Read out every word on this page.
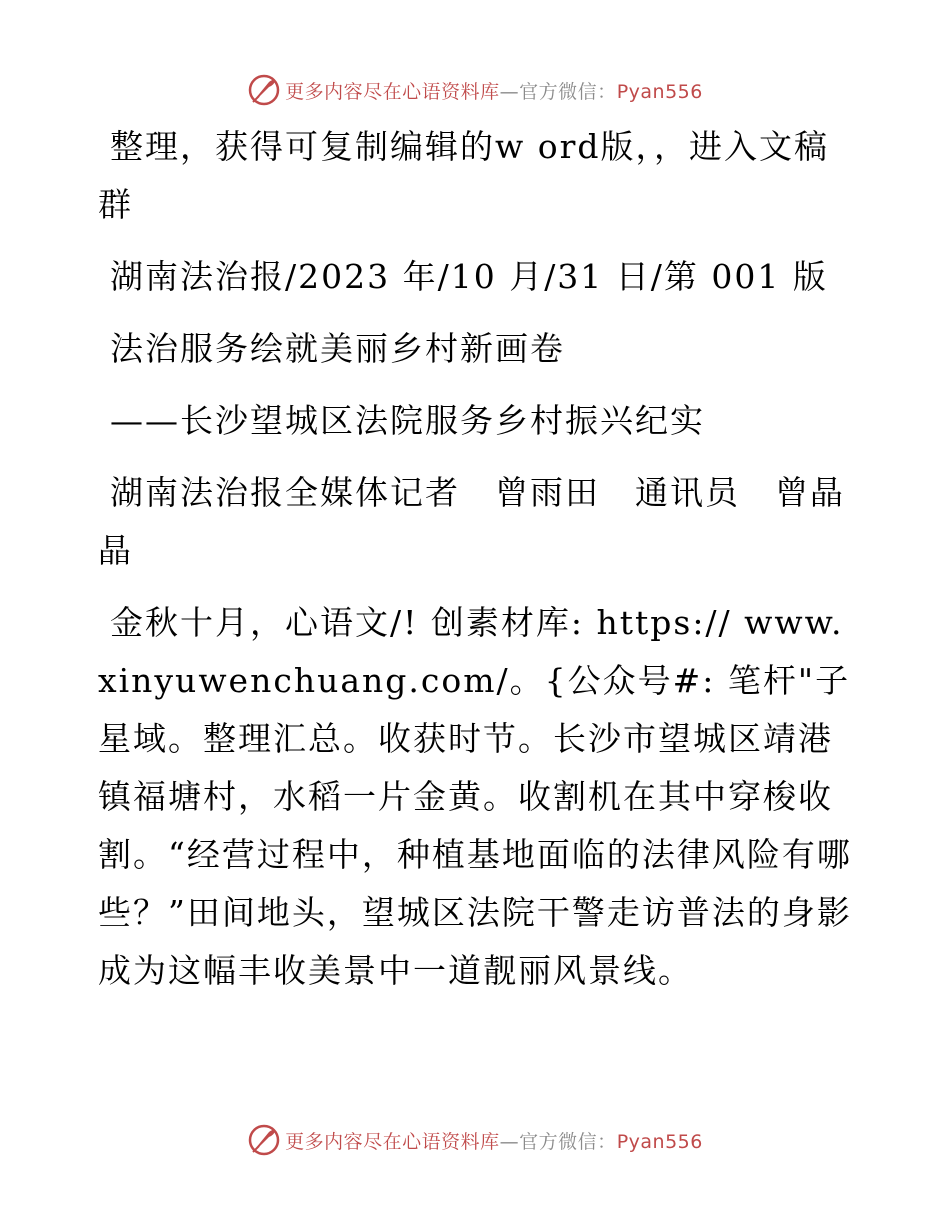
更多内容尽在心语资料库—官方微信：Pyan556

整理，获得可复制编辑的w ord版，，进入文稿群

湖南法治报/2023 年/10 月/31 日/第 001 版

法治服务绘就美丽乡村新画卷

——长沙望城区法院服务乡村振兴纪实

湖南法治报全媒体记者　曾雨田　通讯员　曾晶晶

金秋十月，心语文/! 创素材库: https:// www.xinyuwenchuang.com/。{公众号#: 笔杆"子星域。整理汇总。收获时节。长沙市望城区靖港镇福塘村，水稻一片金黄。收割机在其中穿梭收割。“经营过程中，种植基地面临的法律风险有哪些？”田间地头，望城区法院干警走访普法的身影成为这幅丰收美景中一道靓丽风景线。

更多内容尽在心语资料库—官方微信：Pyan556
